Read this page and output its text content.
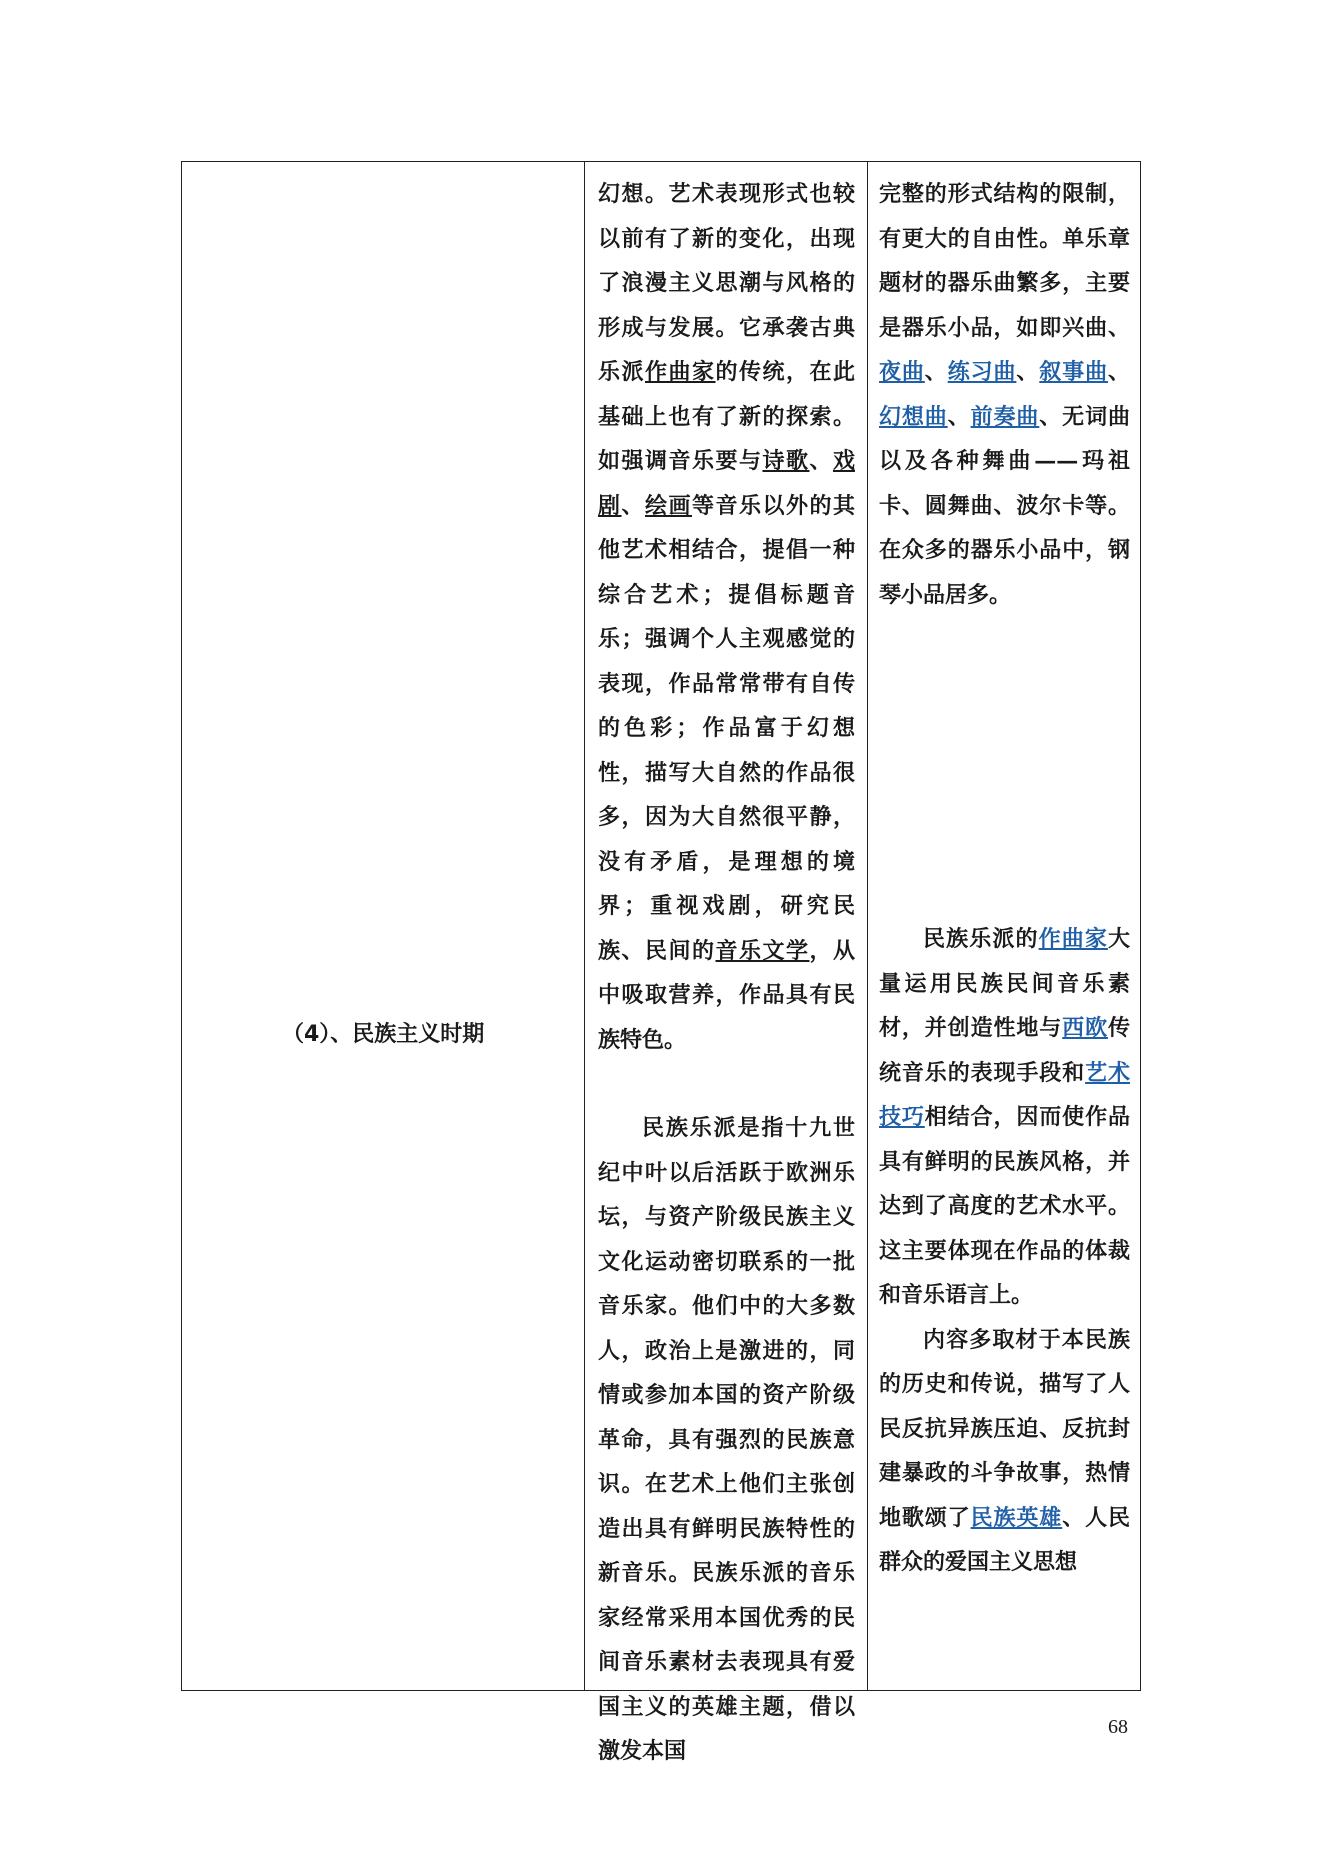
（4）、民族主义时期

幻想。艺术表现形式也较以前有了新的变化，出现了浪漫主义思潮与风格的形成与发展。它承袭古典乐派作曲家的传统，在此基础上也有了新的探索。如强调音乐要与诗歌、戏剧、绘画等音乐以外的其他艺术相结合，提倡一种综合艺术；提倡标题音乐；强调个人主观感觉的表现，作品常常带有自传的色彩；作品富于幻想性，描写大自然的作品很多，因为大自然很平静，没有矛盾，是理想的境界；重视戏剧，研究民族、民间的音乐文学，从中吸取营养，作品具有民族特色。

民族乐派是指十九世纪中叶以后活跃于欧洲乐坛，与资产阶级民族主义文化运动密切联系的一批音乐家。他们中的大多数人，政治上是激进的，同情或参加本国的资产阶级革命，具有强烈的民族意识。在艺术上他们主张创造出具有鲜明民族特性的新音乐。民族乐派的音乐家经常采用本国优秀的民间音乐素材去表现具有爱国主义的英雄主题，借以激发本国

完整的形式结构的限制，有更大的自由性。单乐章题材的器乐曲繁多，主要是器乐小品，如即兴曲、夜曲、练习曲、叙事曲、幻想曲、前奏曲、无词曲以及各种舞曲——玛祖卡、圆舞曲、波尔卡等。在众多的器乐小品中，钢琴小品居多。

民族乐派的作曲家大量运用民族民间音乐素材，并创造性地与西欧传统音乐的表现手段和艺术技巧相结合，因而使作品具有鲜明的民族风格，并达到了高度的艺术水平。这主要体现在作品的体裁和音乐语言上。

内容多取材于本民族的历史和传说，描写了人民反抗异族压迫、反抗封建暴政的斗争故事，热情地歌颂了民族英雄、人民群众的爱国主义思想

68
